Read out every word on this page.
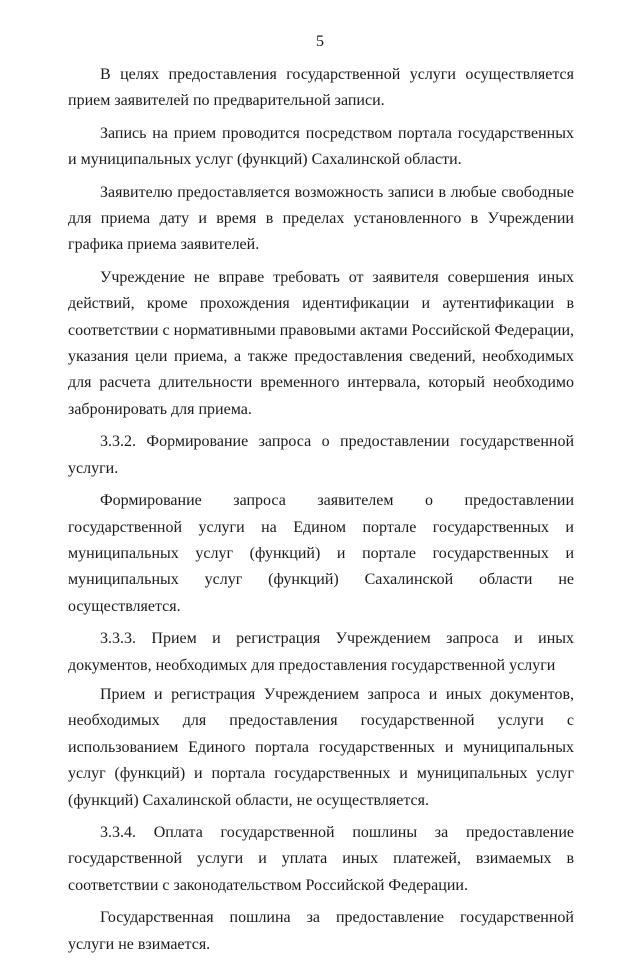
5

В целях предоставления государственной услуги осуществляется прием заявителей по предварительной записи.

Запись на прием проводится посредством портала государственных и муниципальных услуг (функций) Сахалинской области.

Заявителю предоставляется возможность записи в любые свободные для приема дату и время в пределах установленного в Учреждении графика приема заявителей.

Учреждение не вправе требовать от заявителя совершения иных действий, кроме прохождения идентификации и аутентификации в соответствии с нормативными правовыми актами Российской Федерации, указания цели приема, а также предоставления сведений, необходимых для расчета длительности временного интервала, который необходимо забронировать для приема.

3.3.2. Формирование запроса о предоставлении государственной услуги.

Формирование запроса заявителем о предоставлении государственной услуги на Едином портале государственных и муниципальных услуг (функций) и портале государственных и муниципальных услуг (функций) Сахалинской области не осуществляется.

3.3.3. Прием и регистрация Учреждением запроса и иных документов, необходимых для предоставления государственной услуги

Прием и регистрация Учреждением запроса и иных документов, необходимых для предоставления государственной услуги с использованием Единого портала государственных и муниципальных услуг (функций) и портала государственных и муниципальных услуг (функций) Сахалинской области, не осуществляется.

3.3.4. Оплата государственной пошлины за предоставление государственной услуги и уплата иных платежей, взимаемых в соответствии с законодательством Российской Федерации.

Государственная пошлина за предоставление государственной услуги не взимается.
